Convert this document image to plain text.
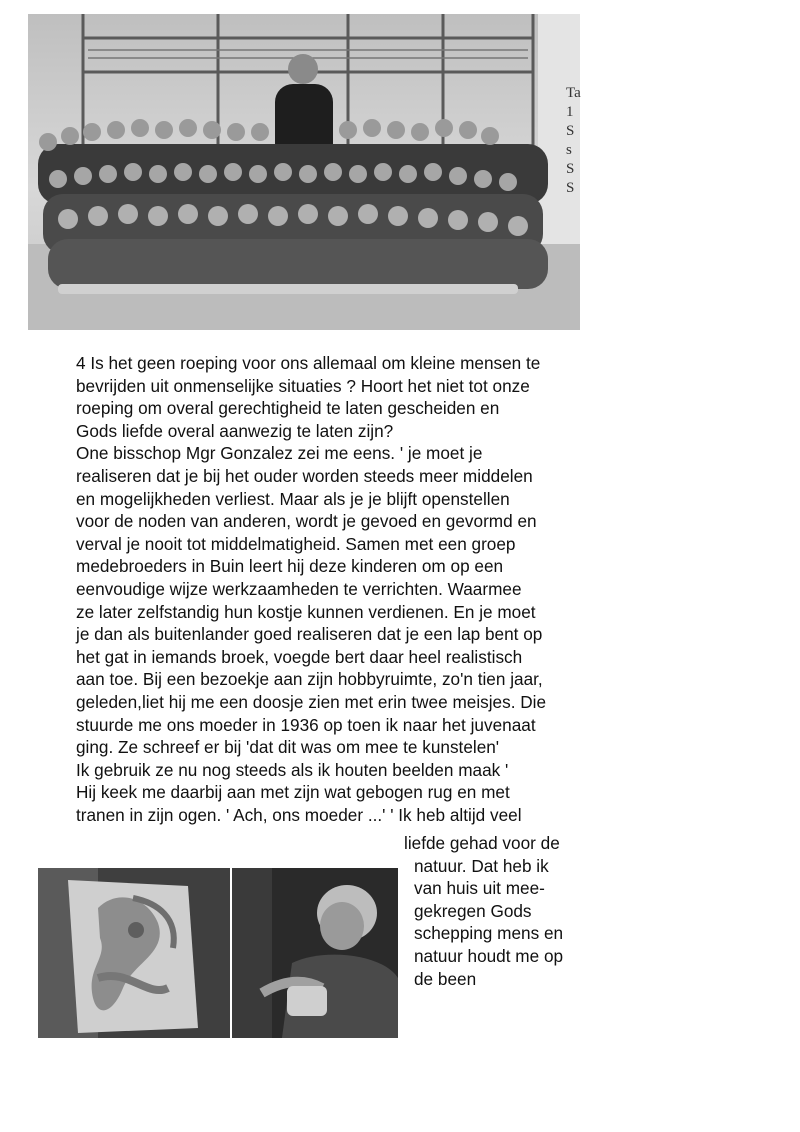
Ta
1
S
s
S
S
4 Is het geen roeping voor ons allemaal om kleine mensen te
bevrijden uit onmenselijke situaties ? Hoort het niet tot onze
roeping om overal gerechtigheid te laten gescheiden en
Gods liefde overal aanwezig te laten zijn?
One bisschop Mgr Gonzalez zei me eens. ' je moet je
realiseren dat je bij het ouder worden steeds meer middelen
en mogelijkheden verliest. Maar als je je blijft openstellen
voor de noden van anderen, wordt je gevoed en gevormd en
verval je nooit tot middelmatigheid. Samen met een groep
medebroeders in Buin leert hij deze kinderen om op een
eenvoudige wijze werkzaamheden te verrichten. Waarmee
ze later zelfstandig hun kostje kunnen verdienen. En je moet
je dan als buitenlander goed realiseren dat je een lap bent op
het gat in iemands broek, voegde bert daar heel realistisch
aan toe. Bij een bezoekje aan zijn hobbyruimte, zo'n tien jaar,
geleden,liet hij me een doosje zien met erin twee meisjes. Die
stuurde me ons moeder in 1936 op toen ik naar het juvenaat
ging. Ze schreef er bij 'dat dit was om mee te kunstelen'
Ik gebruik ze nu nog steeds als ik houten beelden maak '
Hij keek me daarbij aan met zijn wat gebogen rug en met
tranen in zijn ogen. ' Ach, ons moeder ...' ' Ik heb altijd veel
liefde gehad voor de
natuur. Dat heb ik
van huis uit mee-
gekregen Gods
schepping mens en
natuur houdt me op
de been
